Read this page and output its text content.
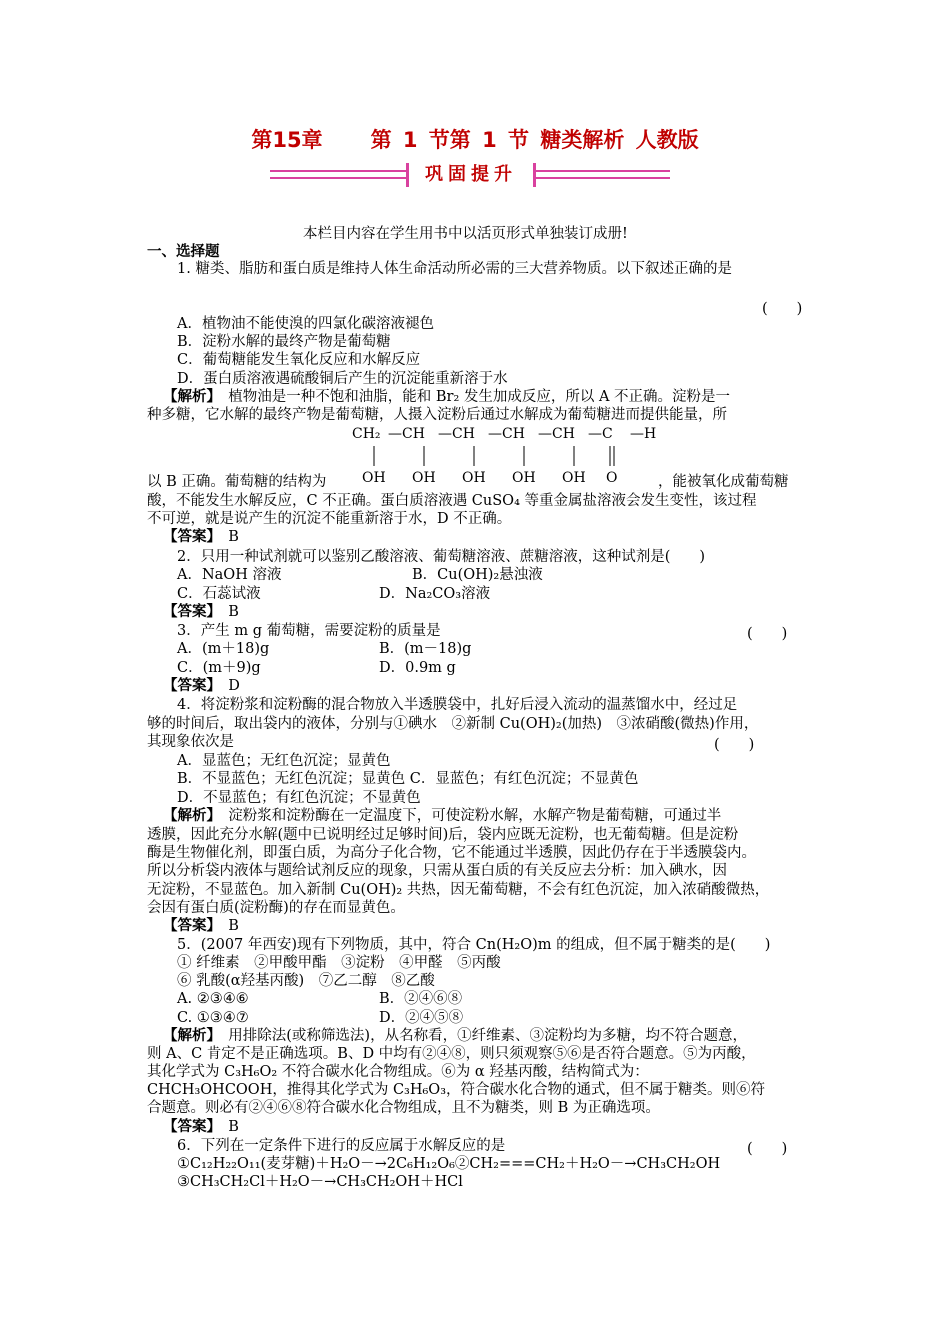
第15章 第 1 节第 1 节 糖类解析 人教版
巩固提升
本栏目内容在学生用书中以活页形式单独装订成册!
一、选择题
1. 糖类、脂肪和蛋白质是维持人体生命活动所必需的三大营养物质。以下叙述正确的是
(　　)
A．植物油不能使溴的四氯化碳溶液褪色
B．淀粉水解的最终产物是葡萄糖
C．葡萄糖能发生氧化反应和水解反应
D．蛋白质溶液遇硫酸铜后产生的沉淀能重新溶于水
【解析】　 植物油是一种不饱和油脂，能和 Br₂ 发生加成反应，所以 A 不正确。淀粉是一
种多糖，它水解的最终产物是葡萄糖，人摄入淀粉后通过水解成为葡萄糖进而提供能量，所
CH₂ —CH —CH —CH —CH —C —H
OH OH OH OH OH O
以 B 正确。葡萄糖的结构为	，能被氧化成葡萄糖
酸，不能发生水解反应，C 不正确。蛋白质溶液遇 CuSO₄ 等重金属盐溶液会发生变性，该过程
不可逆，就是说产生的沉淀不能重新溶于水，D 不正确。
【答案】　 B
2．只用一种试剂就可以鉴别乙酸溶液、葡萄糖溶液、蔗糖溶液，这种试剂是(　　)
A．NaOH 溶液	B．Cu(OH)₂悬浊液
C．石蕊试液	D．Na₂CO₃溶液
【答案】　 B
3．产生 m g 葡萄糖，需要淀粉的质量是	(　　)
A．(m＋18)g	B．(m－18)g
C．(m＋9)g	D．0.9m g
【答案】　 D
4．将淀粉浆和淀粉酶的混合物放入半透膜袋中，扎好后浸入流动的温蒸馏水中，经过足
够的时间后，取出袋内的液体，分别与①碘水　②新制 Cu(OH)₂(加热)　③浓硝酸(微热)作用，
其现象依次是	(　　)
A．显蓝色；无红色沉淀；显黄色
B．不显蓝色；无红色沉淀；显黄色 C．显蓝色；有红色沉淀；不显黄色
D．不显蓝色；有红色沉淀；不显黄色
【解析】　 淀粉浆和淀粉酶在一定温度下，可使淀粉水解，水解产物是葡萄糖，可通过半
透膜，因此充分水解(题中已说明经过足够时间)后，袋内应既无淀粉，也无葡萄糖。但是淀粉
酶是生物催化剂，即蛋白质，为高分子化合物，它不能通过半透膜，因此仍存在于半透膜袋内。
所以分析袋内液体与题给试剂反应的现象，只需从蛋白质的有关反应去分析：加入碘水，因
无淀粉，不显蓝色。加入新制 Cu(OH)₂ 共热，因无葡萄糖，不会有红色沉淀，加入浓硝酸微热，
会因有蛋白质(淀粉酶)的存在而显黄色。
【答案】　 B
5．(2007 年西安)现有下列物质，其中，符合 Cn(H₂O)m 的组成，但不属于糖类的是(　　)
① 纤维素　②甲酸甲酯　③淀粉　④甲醛　⑤丙酸
⑥ 乳酸(α羟基丙酸)　⑦乙二醇　⑧乙酸
A. ②③④⑥	B．②④⑥⑧
C. ①③④⑦	D．②④⑤⑧
【解析】　 用排除法(或称筛选法)，从名称看，①纤维素、③淀粉均为多糖，均不符合题意，
则 A、C 肯定不是正确选项。B、D 中均有②④⑧，则只须观察⑤⑥是否符合题意。⑤为丙酸，
其化学式为 C₃H₆O₂ 不符合碳水化合物组成。⑥为 α 羟基丙酸，结构简式为：
CHCH₃OHCOOH，推得其化学式为 C₃H₆O₃，符合碳水化合物的通式，但不属于糖类。则⑥符
合题意。则必有②④⑥⑧符合碳水化合物组成，且不为糖类，则 B 为正确选项。
【答案】　 B
6．下列在一定条件下进行的反应属于水解反应的是	(　　)
①C₁₂H₂₂O₁₁(麦芽糖)＋H₂O－→2C₆H₁₂O₆②CH₂===CH₂＋H₂O－→CH₃CH₂OH
③CH₃CH₂Cl＋H₂O－→CH₃CH₂OH＋HCl
